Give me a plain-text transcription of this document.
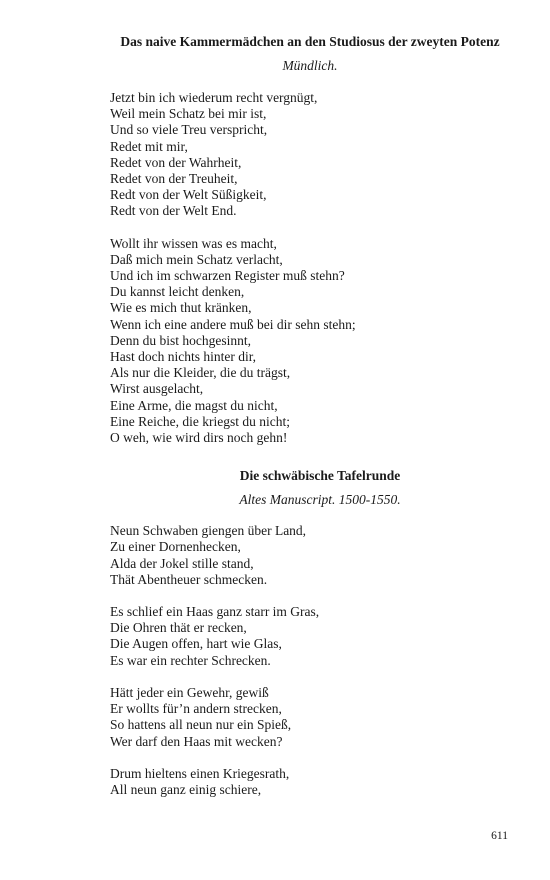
Das naive Kammermädchen an den Studiosus der zweyten Potenz

Mündlich.

Jetzt bin ich wiederum recht vergnügt,
Weil mein Schatz bei mir ist,
Und so viele Treu verspricht,
Redet mit mir,
Redet von der Wahrheit,
Redet von der Treuheit,
Redt von der Welt Süßigkeit,
Redt von der Welt End.
Wollt ihr wissen was es macht,
Daß mich mein Schatz verlacht,
Und ich im schwarzen Register muß stehn?
Du kannst leicht denken,
Wie es mich thut kränken,
Wenn ich eine andere muß bei dir sehn stehn;
Denn du bist hochgesinnt,
Hast doch nichts hinter dir,
Als nur die Kleider, die du trägst,
Wirst ausgelacht,
Eine Arme, die magst du nicht,
Eine Reiche, die kriegst du nicht;
O weh, wie wird dirs noch gehn!
Die schwäbische Tafelrunde

Altes Manuscript. 1500-1550.

Neun Schwaben giengen über Land,
Zu einer Dornenhecken,
Alda der Jokel stille stand,
Thät Abentheuer schmecken.
Es schlief ein Haas ganz starr im Gras,
Die Ohren thät er recken,
Die Augen offen, hart wie Glas,
Es war ein rechter Schrecken.
Hätt jeder ein Gewehr, gewiß
Er wollts für’n andern strecken,
So hattens all neun nur ein Spieß,
Wer darf den Haas mit wecken?
Drum hieltens einen Kriegesrath,
All neun ganz einig schiere,
611
